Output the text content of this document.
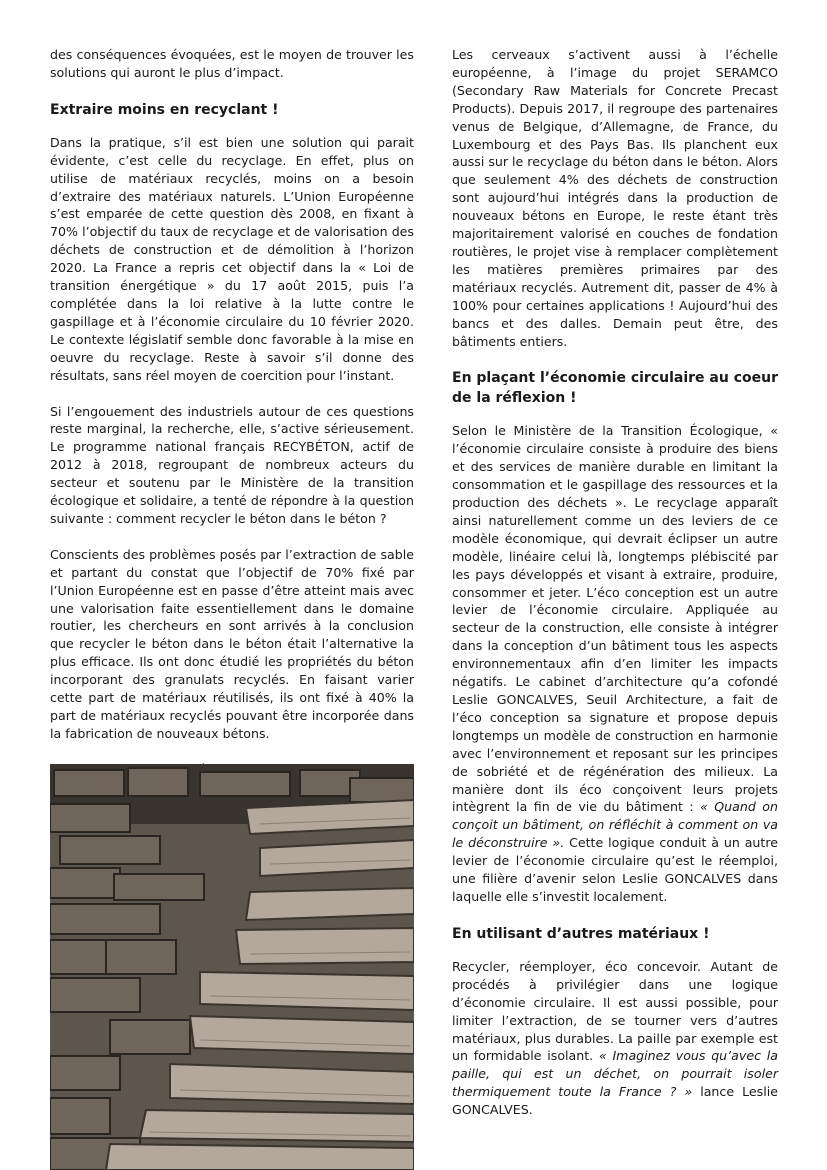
des conséquences évoquées, est le moyen de trouver les solutions qui auront le plus d’impact.

Extraire moins en recyclant !

Dans la pratique, s’il est bien une solution qui parait évidente, c’est celle du recyclage. En effet, plus on utilise de matériaux recyclés, moins on a besoin d’extraire des matériaux naturels. L’Union Européenne s’est emparée de cette question dès 2008, en fixant à 70% l’objectif du taux de recyclage et de valorisation des déchets de construction et de démolition à l’horizon 2020. La France a repris cet objectif dans la « Loi de transition énergétique » du 17 août 2015, puis l’a complétée dans la loi relative à la lutte contre le gaspillage et à l’économie circulaire du 10 février 2020. Le contexte législatif semble donc favorable à la mise en oeuvre du recyclage. Reste à savoir s’il donne des résultats, sans réel moyen de coercition pour l’instant.

Si l’engouement des industriels autour de ces questions reste marginal, la recherche, elle, s’active sérieusement. Le programme national français RECYBÉTON, actif de 2012 à 2018, regroupant de nombreux acteurs du secteur et soutenu par le Ministère de la transition écologique et solidaire, a tenté de répondre à la question suivante : comment recycler le béton dans le béton ?

Conscients des problèmes posés par l’extraction de sable et partant du constat que l’objectif de 70% fixé par l’Union Européenne est en passe d’être atteint mais avec une valorisation faite essentiellement dans le domaine routier, les chercheurs en sont arrivés à la conclusion que recycler le béton dans le béton était l’alternative la plus efficace. Ils ont donc étudié les propriétés du béton incorporant des granulats recyclés. En faisant varier cette part de matériaux réutilisés, ils ont fixé à 40% la part de matériaux recyclés pouvant être incorporée dans la fabrication de nouveaux bétons.

Les cerveaux s’activent aussi à l’échelle européenne, à l’image du projet SERAMCO (Secondary Raw Materials for Concrete Precast Products). Depuis 2017, il regroupe des partenaires venus de Belgique, d’Allemagne, de France, du Luxembourg et des Pays Bas. Ils planchent eux aussi sur le recyclage du béton dans le béton. Alors que seulement 4% des déchets de construction sont aujourd’hui intégrés dans la production de nouveaux bétons en Europe, le reste étant très majoritairement valorisé en couches de fondation routières, le projet vise à remplacer complètement les matières premières primaires par des matériaux recyclés. Autrement dit, passer de 4% à 100% pour certaines applications ! Aujourd’hui des bancs et des dalles. Demain peut être, des bâtiments entiers.

En plaçant l’économie circulaire au coeur de la réflexion !

Selon le Ministère de la Transition Écologique, « l’économie circulaire consiste à produire des biens et des services de manière durable en limitant la consommation et le gaspillage des ressources et la production des déchets ». Le recyclage apparaît ainsi naturellement comme un des leviers de ce modèle économique, qui devrait éclipser un autre modèle, linéaire celui là, longtemps plébiscité par les pays développés et visant à extraire, produire, consommer et jeter. L’éco conception est un autre levier de l’économie circulaire. Appliquée au secteur de la construction, elle consiste à intégrer dans la conception d’un bâtiment tous les aspects environnementaux afin d’en limiter les impacts négatifs. Le cabinet d’architecture qu’a cofondé Leslie GONCALVES, Seuil Architecture, a fait de l’éco conception sa signature et propose depuis longtemps un modèle de construction en harmonie avec l’environnement et reposant sur les principes de sobriété et de régénération des milieux. La manière dont ils éco conçoivent leurs projets intègrent la fin de vie du bâtiment : « Quand on conçoit un bâtiment, on réfléchit à comment on va le déconstruire ». Cette logique conduit à un autre levier de l’économie circulaire qu’est le réemploi, une filière d’avenir selon Leslie GONCALVES dans laquelle elle s’investit localement.

En utilisant d’autres matériaux !

Recycler, réemployer, éco concevoir. Autant de procédés à privilégier dans une logique d’économie circulaire. Il est aussi possible, pour limiter l’extraction, de se tourner vers d’autres matériaux, plus durables. La paille par exemple est un formidable isolant. « Imaginez vous qu’avec la paille, qui est un déchet, on pourrait isoler thermiquement toute la France ? » lance Leslie GONCALVES.
